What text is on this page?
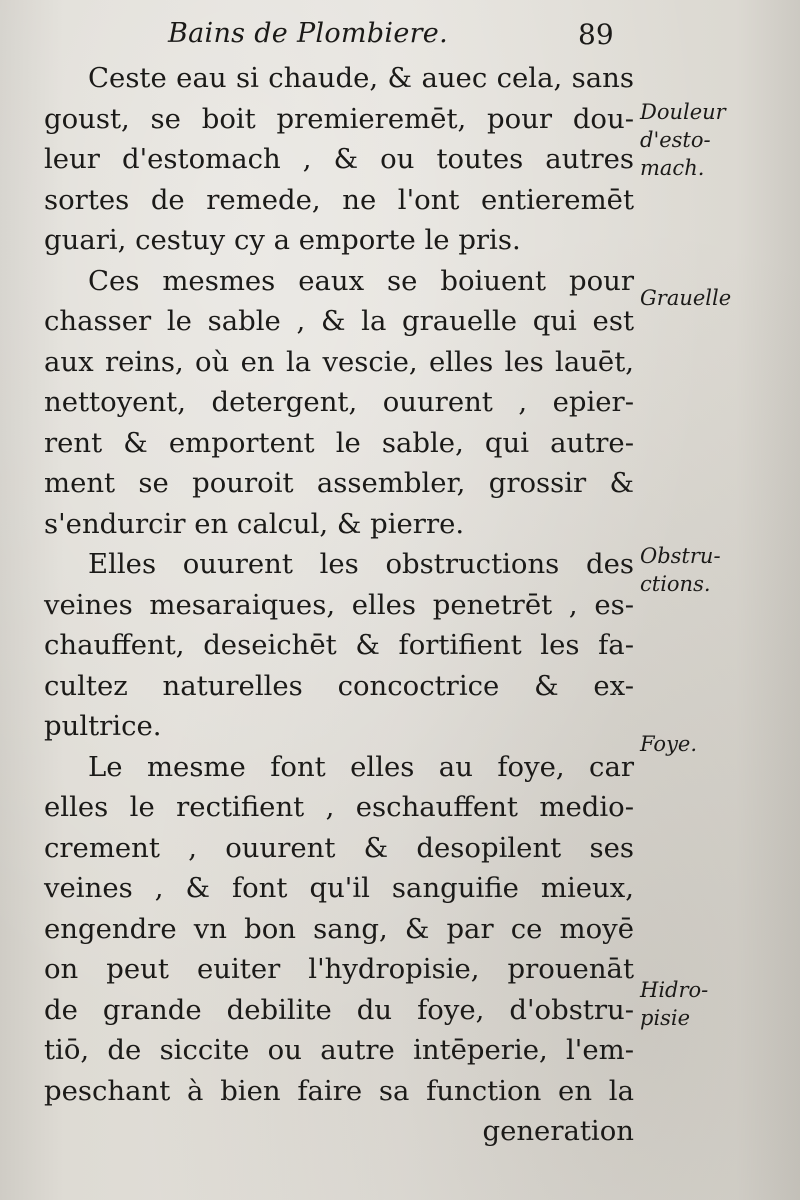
Bains de Plombiere.	89
Ceste eau si chaude, & auec cela, sans
goust, se boit premieremēt, pour dou-
leur d'estomach , & ou toutes autres
sortes de remede, ne l'ont entieremēt
guari, cestuy cy a emporte le pris.
Ces mesmes eaux se boiuent pour
chasser le sable , & la grauelle qui est
aux reins, où en la vescie, elles les lauēt,
nettoyent, detergent, ouurent , epier-
rent & emportent le sable, qui autre-
ment se pouroit assembler, grossir &
s'endurcir en calcul, & pierre.
Elles ouurent les obstructions des
veines mesaraiques, elles penetrēt , es-
chauffent, deseichēt & fortifient les fa-
cultez naturelles concoctrice & ex-
pultrice.
Le mesme font elles au foye, car
elles le rectifient , eschauffent medio-
crement , ouurent & desopilent ses
veines , & font qu'il sanguifie mieux,
engendre vn bon sang, & par ce moyē
on peut euiter l'hydropisie, prouenāt
de grande debilite du foye, d'obstru-
tiō, de siccite ou autre intēperie, l'em-
peschant à bien faire sa function en la
generation
Douleur
d'esto-
mach.
Grauelle
Obstru-
ctions.
Foye.
Hidro-
pisie
